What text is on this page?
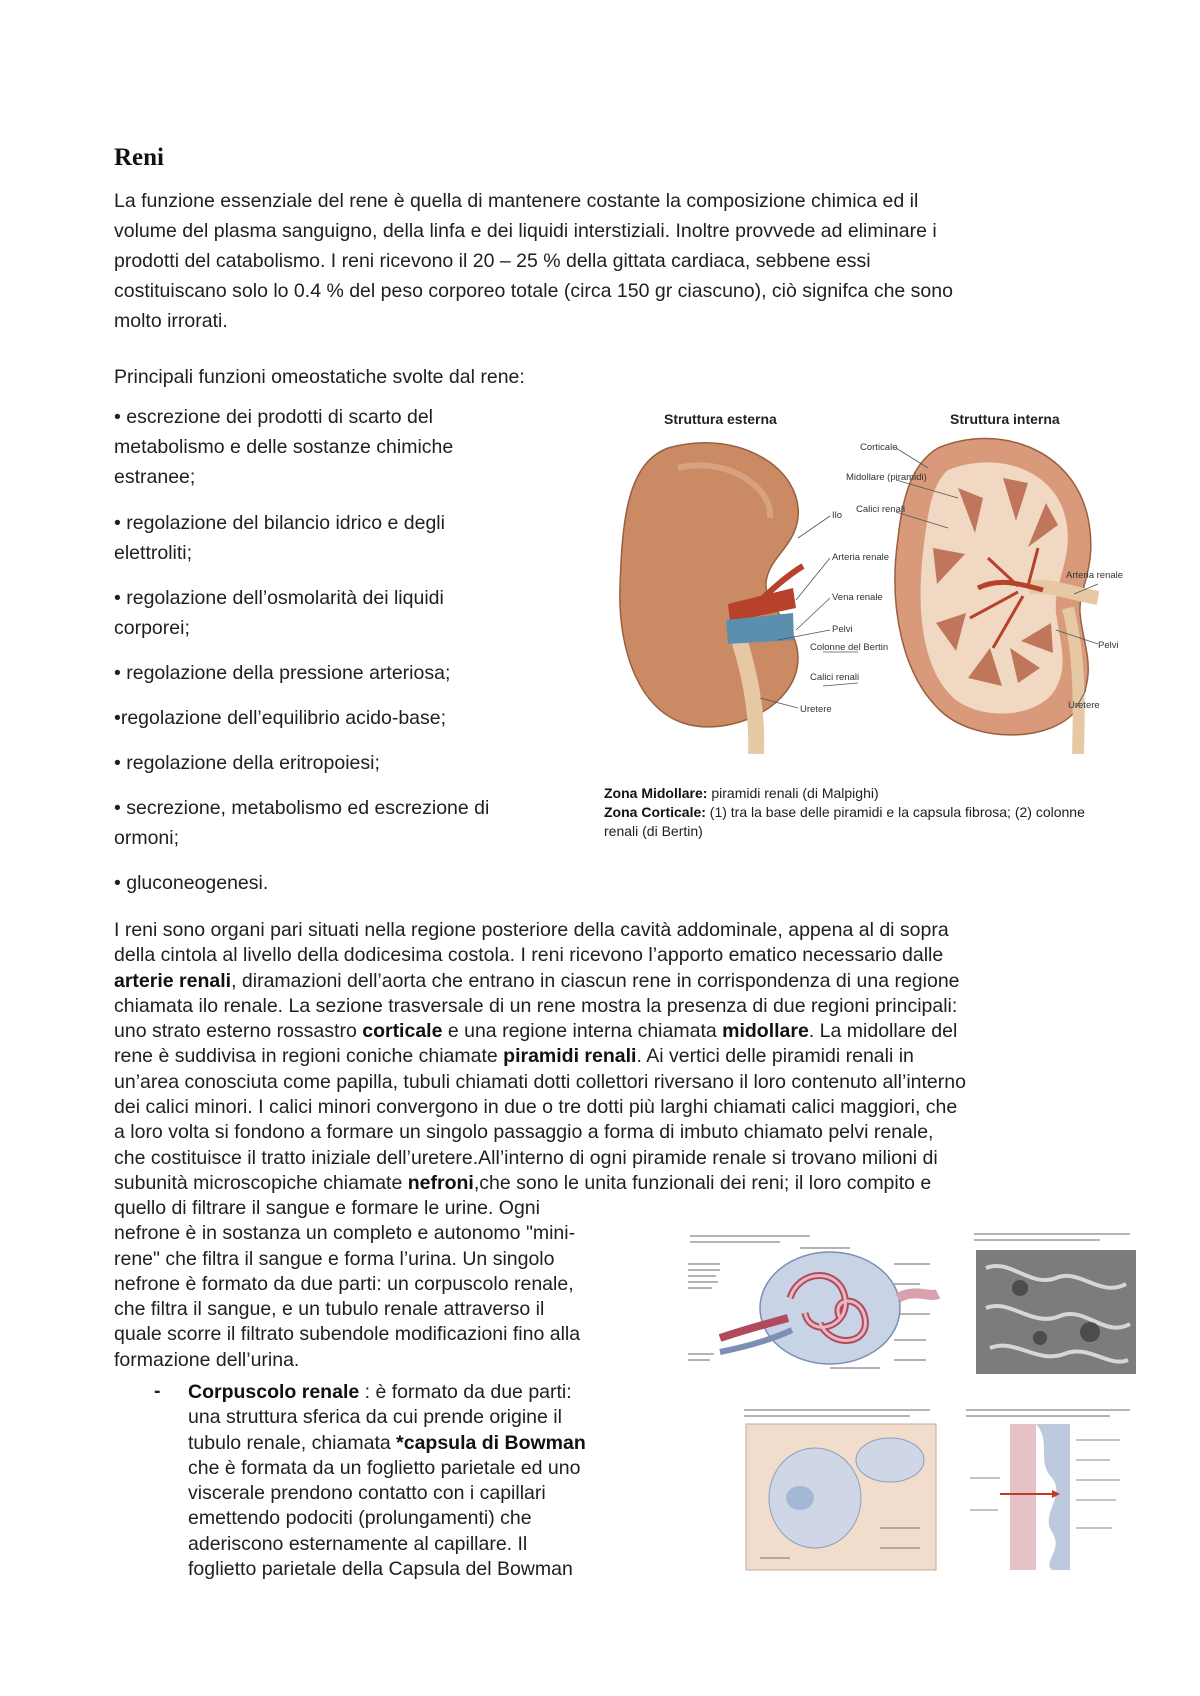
Reni
La funzione essenziale del rene è quella di mantenere costante la composizione chimica ed il
volume del plasma sanguigno, della linfa e dei liquidi interstiziali. Inoltre provvede ad eliminare i
prodotti del catabolismo. I reni ricevono il 20 – 25 % della gittata cardiaca, sebbene essi
costituiscano solo lo 0.4 % del peso corporeo totale (circa 150 gr ciascuno), ciò signifca che sono
molto irrorati.
Principali funzioni omeostatiche svolte dal rene:
• escrezione dei prodotti di scarto del
metabolismo e delle sostanze chimiche
estranee;
• regolazione del bilancio idrico e degli
elettroliti;
• regolazione dell’osmolarità dei liquidi
corporei;
• regolazione della pressione arteriosa;
•regolazione dell’equilibrio acido-base;
• regolazione della eritropoiesi;
• secrezione, metabolismo ed escrezione di
ormoni;
• gluconeogenesi.
Struttura esterna	Struttura interna
Ilo
Arteria renale
Vena renale
Pelvi
Colonne del Bertin
Calici renali
Uretere
Corticale
Midollare (piramidi)
Calici renali
Arteria renale
Pelvi
Uretere
Zona Midollare: piramidi renali (di Malpighi)
Zona Corticale: (1) tra la base delle piramidi e la capsula fibrosa; (2) colonne
renali (di Bertin)
I reni sono organi pari situati nella regione posteriore della cavità addominale, appena al di sopra
della cintola al livello della dodicesima costola. I reni ricevono l’apporto ematico necessario dalle
arterie renali, diramazioni dell’aorta che entrano in ciascun rene in corrispondenza di una regione
chiamata ilo renale. La sezione trasversale di un rene mostra la presenza di due regioni principali:
uno strato esterno rossastro corticale e una regione interna chiamata midollare. La midollare del
rene è suddivisa in regioni coniche chiamate piramidi renali. Ai vertici delle piramidi renali in
un’area conosciuta come papilla, tubuli chiamati dotti collettori riversano il loro contenuto all’interno
dei calici minori. I calici minori convergono in due o tre dotti più larghi chiamati calici maggiori, che
a loro volta si fondono a formare un singolo passaggio a forma di imbuto chiamato pelvi renale,
che costituisce il tratto iniziale dell’uretere.All’interno di ogni piramide renale si trovano milioni di
subunità microscopiche chiamate nefroni,che sono le unita funzionali dei reni; il loro compito e
quello di filtrare il sangue e formare le urine. Ogni
nefrone è in sostanza un completo e autonomo "mini-
rene" che filtra il sangue e forma l’urina. Un singolo
nefrone è formato da due parti: un corpuscolo renale,
che filtra il sangue, e un tubulo renale attraverso il
quale scorre il filtrato subendole modificazioni fino alla
formazione dell’urina.
- Corpuscolo renale : è formato da due parti:
una struttura sferica da cui prende origine il
tubulo renale, chiamata *capsula di Bowman
che è formata da un foglietto parietale ed uno
viscerale prendono contatto con i capillari
emettendo podociti (prolungamenti) che
aderiscono esternamente al capillare. Il
foglietto parietale della Capsula del Bowman
